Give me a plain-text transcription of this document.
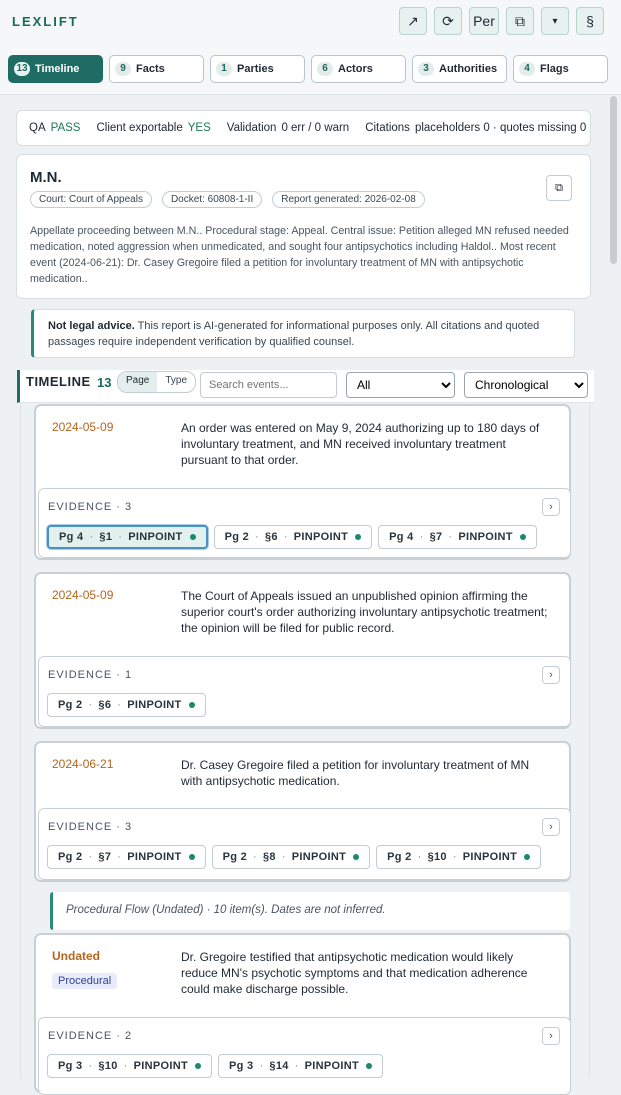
LEXLIFT	↗	⟳	Per	⧉	▾	§
13 Timeline	9 Facts	1 Parties	6 Actors	3 Authorities	4 Flags
QA PASS Client exportable YES Validation 0 err / 0 warn Citations placeholders 0 · quotes missing 0
M.N.
⧉
Court: Court of Appeals	Docket: 60808-1-II	Report generated: 2026-02-08
Appellate proceeding between M.N.. Procedural stage: Appeal. Central issue: Petition alleged MN refused needed medication, noted aggression when unmedicated, and sought four antipsychotics including Haldol.. Most recent event (2024-06-21): Dr. Casey Gregoire filed a petition for involuntary treatment of MN with antipsychotic medication..
Not legal advice. This report is AI-generated for informational purposes only. All citations and quoted passages require independent verification by qualified counsel.
TIMELINE 13	Page	Type
Search events...
All
Chronological
2024-05-09	An order was entered on May 9, 2024 authorizing up to 180 days of involuntary treatment, and MN received involuntary treatment pursuant to that order.
EVIDENCE · 3	›
Pg 4 · §1 · PINPOINT	Pg 2 · §6 · PINPOINT	Pg 4 · §7 · PINPOINT
2024-05-09	The Court of Appeals issued an unpublished opinion affirming the superior court's order authorizing involuntary antipsychotic treatment; the opinion will be filed for public record.
EVIDENCE · 1	›
Pg 2 · §6 · PINPOINT
2024-06-21	Dr. Casey Gregoire filed a petition for involuntary treatment of MN with antipsychotic medication.
EVIDENCE · 3	›
Pg 2 · §7 · PINPOINT	Pg 2 · §8 · PINPOINT	Pg 2 · §10 · PINPOINT
Procedural Flow (Undated) · 10 item(s). Dates are not inferred.
Undated
Procedural
Dr. Gregoire testified that antipsychotic medication would likely reduce MN's psychotic symptoms and that medication adherence could make discharge possible.
EVIDENCE · 2	›
Pg 3 · §10 · PINPOINT	Pg 3 · §14 · PINPOINT
